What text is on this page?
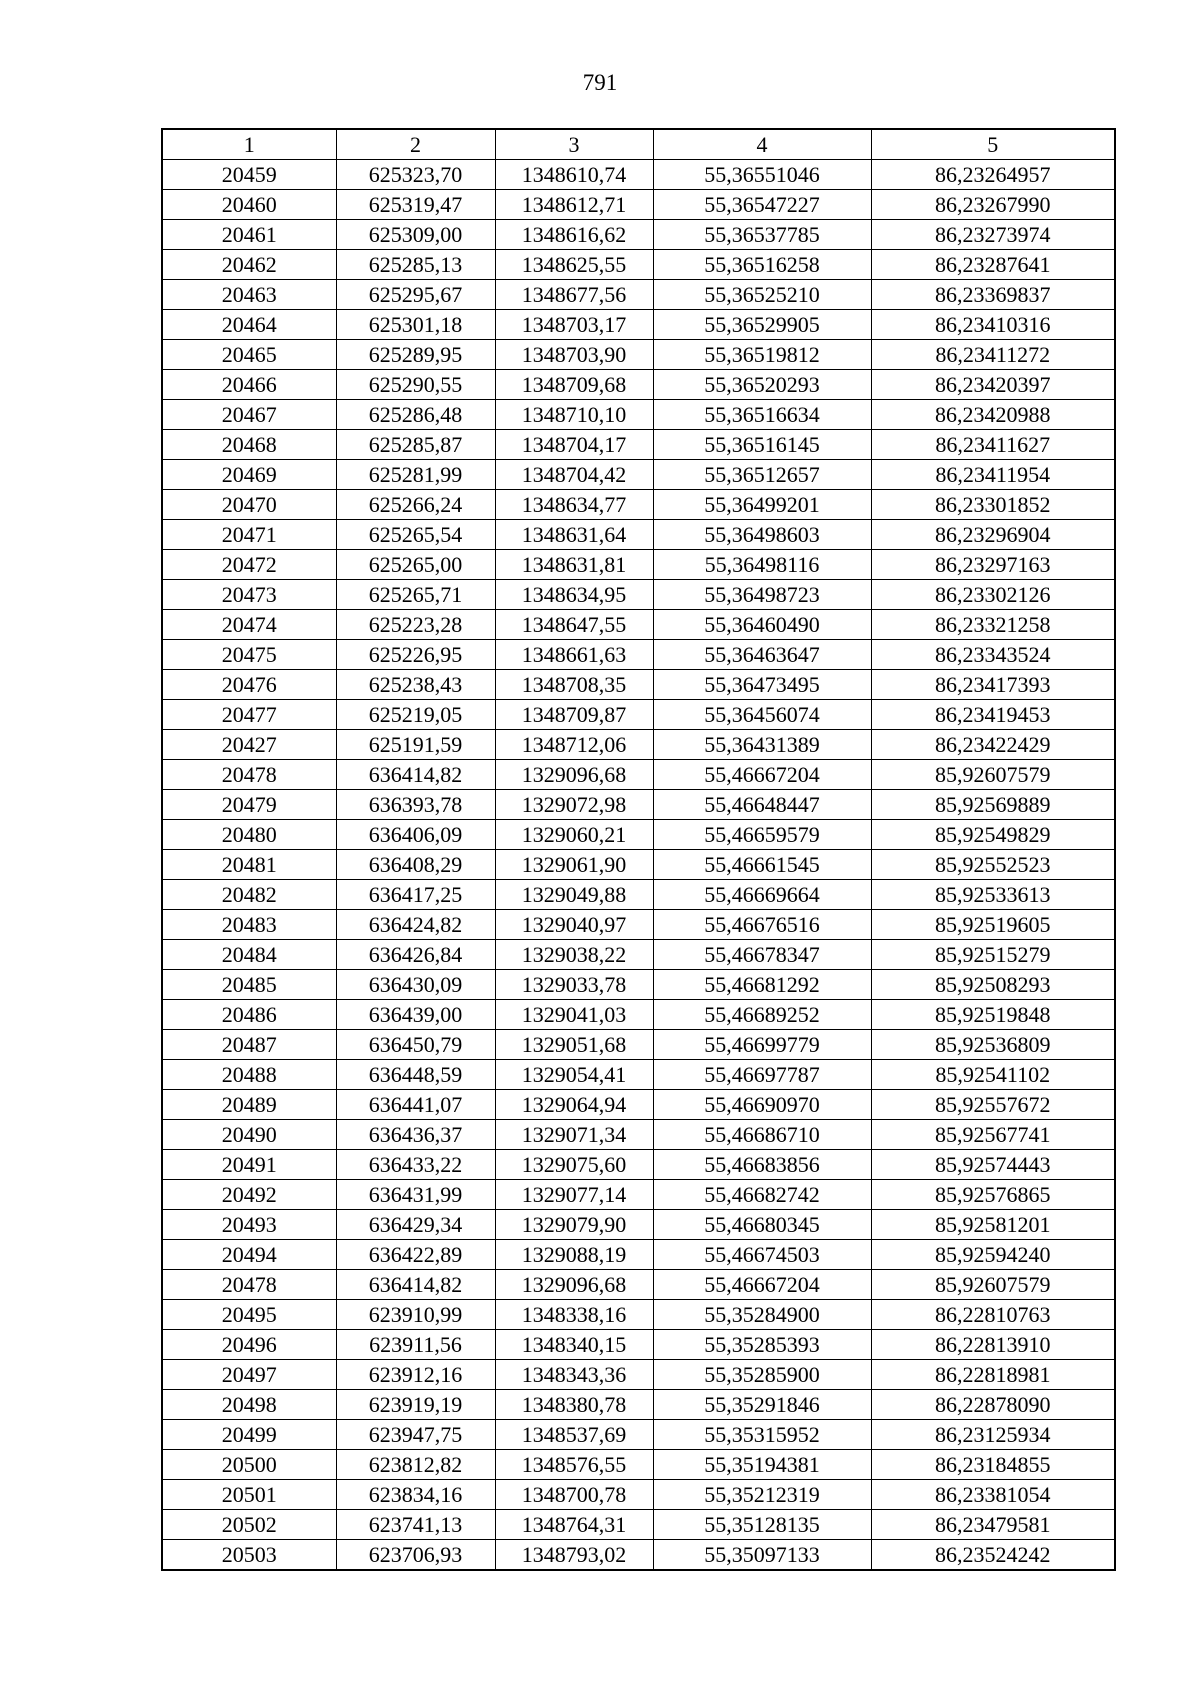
791
1	2	3	4	5
20459	625323,70	1348610,74	55,36551046	86,23264957
20460	625319,47	1348612,71	55,36547227	86,23267990
20461	625309,00	1348616,62	55,36537785	86,23273974
20462	625285,13	1348625,55	55,36516258	86,23287641
20463	625295,67	1348677,56	55,36525210	86,23369837
20464	625301,18	1348703,17	55,36529905	86,23410316
20465	625289,95	1348703,90	55,36519812	86,23411272
20466	625290,55	1348709,68	55,36520293	86,23420397
20467	625286,48	1348710,10	55,36516634	86,23420988
20468	625285,87	1348704,17	55,36516145	86,23411627
20469	625281,99	1348704,42	55,36512657	86,23411954
20470	625266,24	1348634,77	55,36499201	86,23301852
20471	625265,54	1348631,64	55,36498603	86,23296904
20472	625265,00	1348631,81	55,36498116	86,23297163
20473	625265,71	1348634,95	55,36498723	86,23302126
20474	625223,28	1348647,55	55,36460490	86,23321258
20475	625226,95	1348661,63	55,36463647	86,23343524
20476	625238,43	1348708,35	55,36473495	86,23417393
20477	625219,05	1348709,87	55,36456074	86,23419453
20427	625191,59	1348712,06	55,36431389	86,23422429
20478	636414,82	1329096,68	55,46667204	85,92607579
20479	636393,78	1329072,98	55,46648447	85,92569889
20480	636406,09	1329060,21	55,46659579	85,92549829
20481	636408,29	1329061,90	55,46661545	85,92552523
20482	636417,25	1329049,88	55,46669664	85,92533613
20483	636424,82	1329040,97	55,46676516	85,92519605
20484	636426,84	1329038,22	55,46678347	85,92515279
20485	636430,09	1329033,78	55,46681292	85,92508293
20486	636439,00	1329041,03	55,46689252	85,92519848
20487	636450,79	1329051,68	55,46699779	85,92536809
20488	636448,59	1329054,41	55,46697787	85,92541102
20489	636441,07	1329064,94	55,46690970	85,92557672
20490	636436,37	1329071,34	55,46686710	85,92567741
20491	636433,22	1329075,60	55,46683856	85,92574443
20492	636431,99	1329077,14	55,46682742	85,92576865
20493	636429,34	1329079,90	55,46680345	85,92581201
20494	636422,89	1329088,19	55,46674503	85,92594240
20478	636414,82	1329096,68	55,46667204	85,92607579
20495	623910,99	1348338,16	55,35284900	86,22810763
20496	623911,56	1348340,15	55,35285393	86,22813910
20497	623912,16	1348343,36	55,35285900	86,22818981
20498	623919,19	1348380,78	55,35291846	86,22878090
20499	623947,75	1348537,69	55,35315952	86,23125934
20500	623812,82	1348576,55	55,35194381	86,23184855
20501	623834,16	1348700,78	55,35212319	86,23381054
20502	623741,13	1348764,31	55,35128135	86,23479581
20503	623706,93	1348793,02	55,35097133	86,23524242
